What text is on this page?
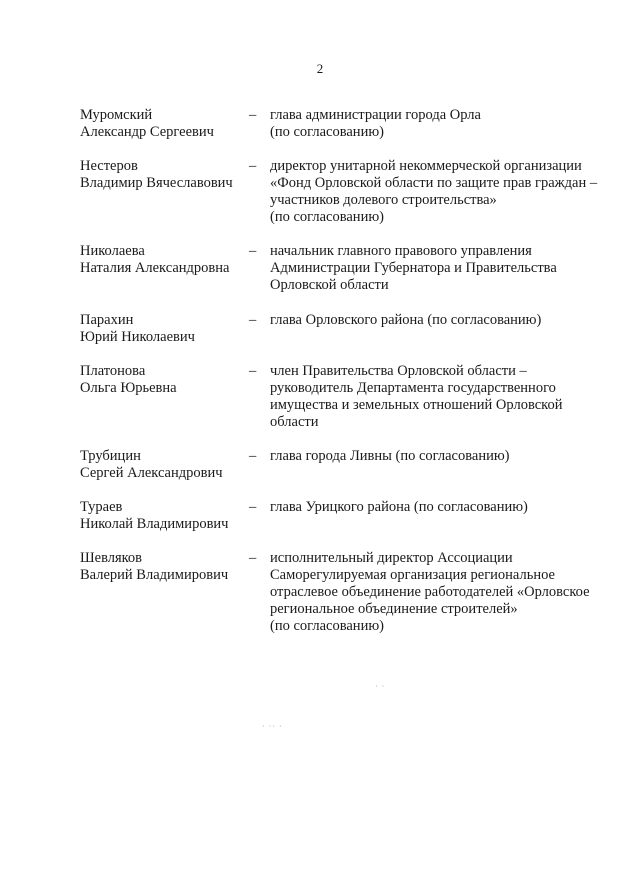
2
Муромский
Александр Сергеевич
– глава администрации города Орла
(по согласованию)
Нестеров
Владимир Вячеславович
– директор унитарной некоммерческой организации
«Фонд Орловской области по защите прав граждан –
участников долевого строительства»
(по согласованию)
Николаева
Наталия Александровна
– начальник главного правового управления
Администрации Губернатора и Правительства
Орловской области
Парахин
Юрий Николаевич
– глава Орловского района (по согласованию)
Платонова
Ольга Юрьевна
– член Правительства Орловской области –
руководитель Департамента государственного
имущества и земельных отношений Орловской
области
Трубицин
Сергей Александрович
– глава города Ливны (по согласованию)
Тураев
Николай Владимирович
– глава Урицкого района (по согласованию)
Шевляков
Валерий Владимирович
– исполнительный директор Ассоциации
Саморегулируемая организация региональное
отраслевое объединение работодателей «Орловское
региональное объединение строителей»
(по согласованию)
· ·
· ·· ·
